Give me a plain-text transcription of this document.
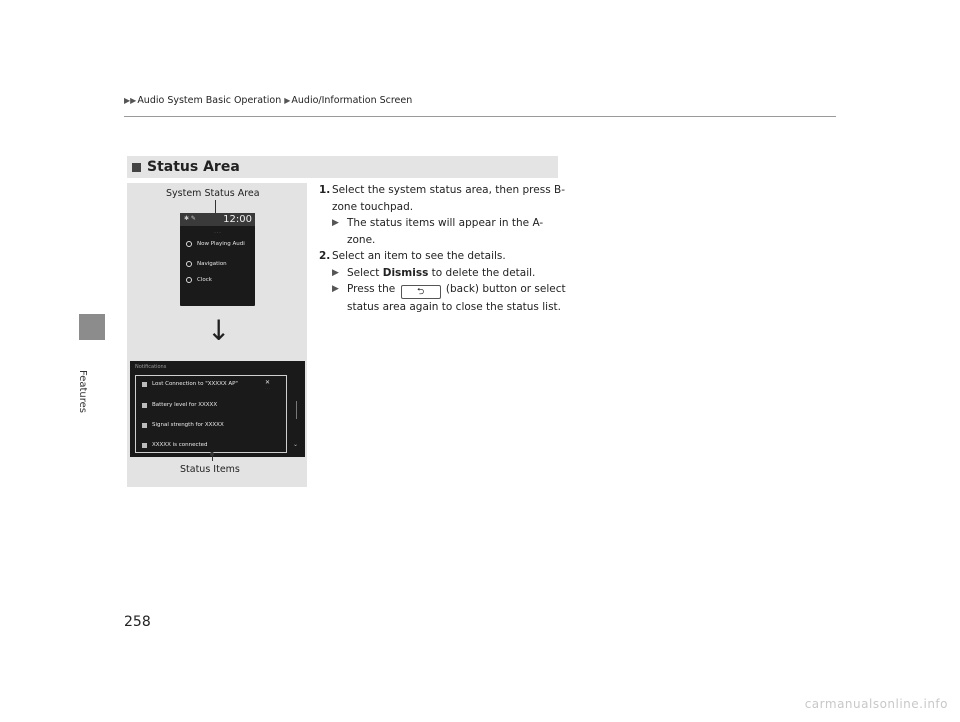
Features
▶▶ Audio System Basic Operation ▶ Audio/Information Screen
Status Area
System Status Area
✱ ✎	12:00
· · ·
Now Playing Audi
Navigation
Clock
↓
Notifications
Lost Connection to "XXXXX AP"
Battery level for XXXXX
Signal strength for XXXXX
XXXXX is connected
✕
· · ·
⌄
Status Items
1. Select the system status area, then press B-zone touchpad.
▶ The status items will appear in the A-zone.
2. Select an item to see the details.
▶ Select Dismiss to delete the detail.
▶ Press the ⮌ (back) button or select status area again to close the status list.
258
carmanualsonline.info
